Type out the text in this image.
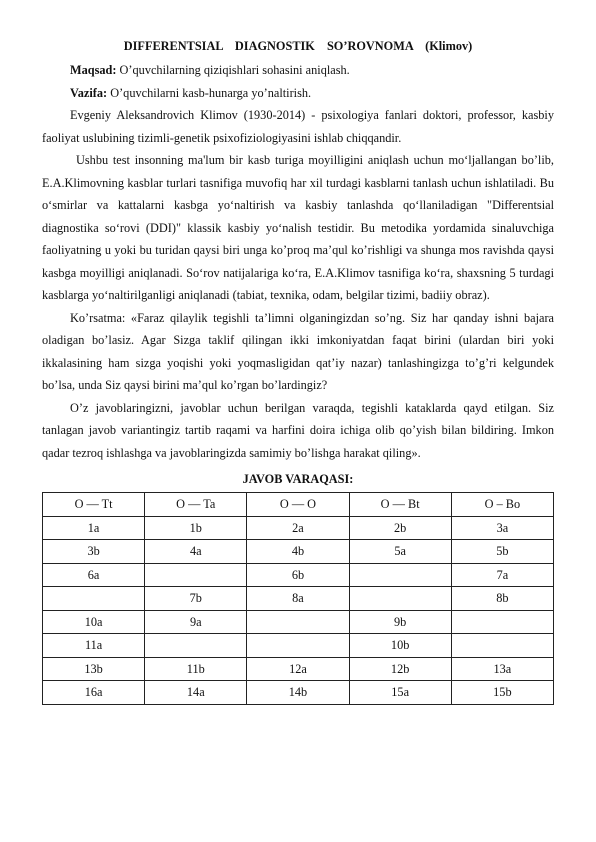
DIFFERENTSIAL DIAGNOSTIK SO’ROVNOMA (Klimov)

Maqsad: O’quvchilarning qiziqishlari sohasini aniqlash.

Vazifa: O’quvchilarni kasb-hunarga yo’naltirish.

Evgeniy Aleksandrovich Klimov (1930-2014) - psixologiya fanlari doktori, professor, kasbiy faoliyat uslubining tizimli-genetik psixofiziologiyasini ishlab chiqqandir.

Ushbu test insonning ma'lum bir kasb turiga moyilligini aniqlash uchun mo‘ljallangan bo’lib, E.A.Klimovning kasblar turlari tasnifiga muvofiq har xil turdagi kasblarni tanlash uchun ishlatiladi. Bu o‘smirlar va kattalarni kasbga yo‘naltirish va kasbiy tanlashda qo‘llaniladigan "Differentsial diagnostika so‘rovi (DDI)" klassik kasbiy yo‘nalish testidir. Bu metodika yordamida sinaluvchiga faoliyatning u yoki bu turidan qaysi biri unga ko’proq ma’qul ko’rishligi va shunga mos ravishda qaysi kasbga moyilligi aniqlanadi. So‘rov natijalariga ko‘ra, E.A.Klimov tasnifiga ko‘ra, shaxsning 5 turdagi kasblarga yo‘naltirilganligi aniqlanadi (tabiat, texnika, odam, belgilar tizimi, badiiy obraz).

Ko’rsatma: «Faraz qilaylik tegishli ta’limni olganingizdan so’ng. Siz har qanday ishni bajara oladigan bo’lasiz. Agar Sizga taklif qilingan ikki imkoniyatdan faqat birini (ulardan biri yoki ikkalasining ham sizga yoqishi yoki yoqmasligidan qat’iy nazar) tanlashingizga to’g’ri kelgundek bo’lsa, unda Siz qaysi birini ma’qul ko’rgan bo’lardingiz?

O’z javoblaringizni, javoblar uchun berilgan varaqda, tegishli kataklarda qayd etilgan. Siz tanlagan javob variantingiz tartib raqami va harfini doira ichiga olib qo’yish bilan bildiring. Imkon qadar tezroq ishlashga va javoblaringizda samimiy bo’lishga harakat qiling».

JAVOB VARAQASI:
O — Tt	O — Ta	O — O	O — Bt	O – Bo
1a	1b	2a	2b	3a
3b	4a	4b	5a	5b
6a		6b		7a
	7b	8a		8b
10a	9a		9b	
11a			10b	
13b	11b	12a	12b	13a
16a	14a	14b	15a	15b
